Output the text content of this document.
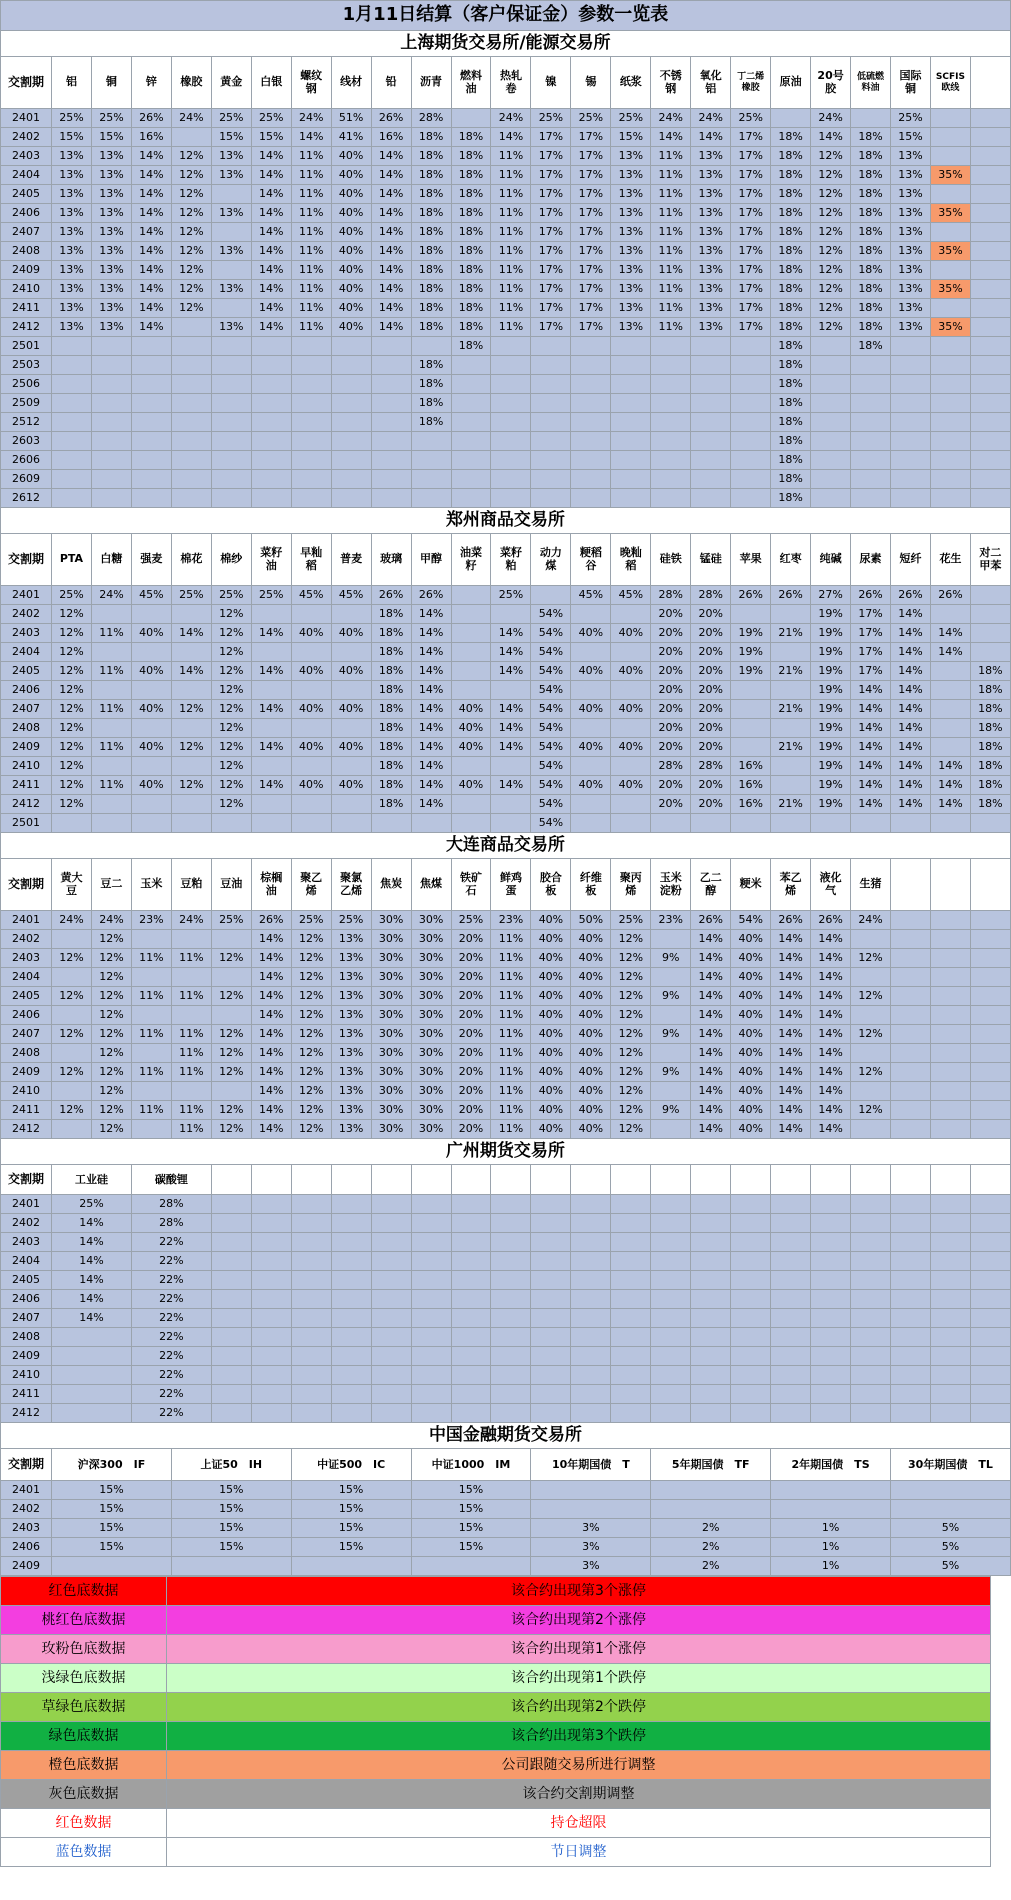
1月11日结算（客户保证金）参数一览表																								
上海期货交易所/能源交易所																								
交割期	铝	铜	锌	橡胶	黄金	白银	螺纹钢	线材	铅	沥青	燃料油	热轧卷	镍	锡	纸浆	不锈钢	氧化铝	丁二烯橡胶	原油	20号胶	低硫燃料油	国际铜	SCFIS欧线	
2401	25%	25%	26%	24%	25%	25%	24%	51%	26%	28%		24%	25%	25%	25%	24%	24%	25%		24%		25%		
2402	15%	15%	16%		15%	15%	14%	41%	16%	18%	18%	14%	17%	17%	15%	14%	14%	17%	18%	14%	18%	15%		
2403	13%	13%	14%	12%	13%	14%	11%	40%	14%	18%	18%	11%	17%	17%	13%	11%	13%	17%	18%	12%	18%	13%		
2404	13%	13%	14%	12%	13%	14%	11%	40%	14%	18%	18%	11%	17%	17%	13%	11%	13%	17%	18%	12%	18%	13%	35%	
2405	13%	13%	14%	12%		14%	11%	40%	14%	18%	18%	11%	17%	17%	13%	11%	13%	17%	18%	12%	18%	13%		
2406	13%	13%	14%	12%	13%	14%	11%	40%	14%	18%	18%	11%	17%	17%	13%	11%	13%	17%	18%	12%	18%	13%	35%	
2407	13%	13%	14%	12%		14%	11%	40%	14%	18%	18%	11%	17%	17%	13%	11%	13%	17%	18%	12%	18%	13%		
2408	13%	13%	14%	12%	13%	14%	11%	40%	14%	18%	18%	11%	17%	17%	13%	11%	13%	17%	18%	12%	18%	13%	35%	
2409	13%	13%	14%	12%		14%	11%	40%	14%	18%	18%	11%	17%	17%	13%	11%	13%	17%	18%	12%	18%	13%		
2410	13%	13%	14%	12%	13%	14%	11%	40%	14%	18%	18%	11%	17%	17%	13%	11%	13%	17%	18%	12%	18%	13%	35%	
2411	13%	13%	14%	12%		14%	11%	40%	14%	18%	18%	11%	17%	17%	13%	11%	13%	17%	18%	12%	18%	13%		
2412	13%	13%	14%		13%	14%	11%	40%	14%	18%	18%	11%	17%	17%	13%	11%	13%	17%	18%	12%	18%	13%	35%	
2501											18%								18%		18%			
2503										18%									18%					
2506										18%									18%					
2509										18%									18%					
2512										18%									18%					
2603																			18%					
2606																			18%					
2609																			18%					
2612																			18%					
郑州商品交易所																								
交割期	PTA	白糖	强麦	棉花	棉纱	菜籽油	早籼稻	普麦	玻璃	甲醇	油菜籽	菜籽粕	动力煤	粳稻谷	晚籼稻	硅铁	锰硅	苹果	红枣	纯碱	尿素	短纤	花生	对二甲苯
2401	25%	24%	45%	25%	25%	25%	45%	45%	26%	26%		25%		45%	45%	28%	28%	26%	26%	27%	26%	26%	26%	
2402	12%				12%				18%	14%			54%			20%	20%			19%	17%	14%		
2403	12%	11%	40%	14%	12%	14%	40%	40%	18%	14%		14%	54%	40%	40%	20%	20%	19%	21%	19%	17%	14%	14%	
2404	12%				12%				18%	14%		14%	54%			20%	20%	19%		19%	17%	14%	14%	
2405	12%	11%	40%	14%	12%	14%	40%	40%	18%	14%		14%	54%	40%	40%	20%	20%	19%	21%	19%	17%	14%		18%
2406	12%				12%				18%	14%			54%			20%	20%			19%	14%	14%		18%
2407	12%	11%	40%	12%	12%	14%	40%	40%	18%	14%	40%	14%	54%	40%	40%	20%	20%		21%	19%	14%	14%		18%
2408	12%				12%				18%	14%	40%	14%	54%			20%	20%			19%	14%	14%		18%
2409	12%	11%	40%	12%	12%	14%	40%	40%	18%	14%	40%	14%	54%	40%	40%	20%	20%		21%	19%	14%	14%		18%
2410	12%				12%				18%	14%			54%			28%	28%	16%		19%	14%	14%	14%	18%
2411	12%	11%	40%	12%	12%	14%	40%	40%	18%	14%	40%	14%	54%	40%	40%	20%	20%	16%		19%	14%	14%	14%	18%
2412	12%				12%				18%	14%			54%			20%	20%	16%	21%	19%	14%	14%	14%	18%
2501													54%											
大连商品交易所																								
交割期	黄大豆	豆二	玉米	豆粕	豆油	棕榈油	聚乙烯	聚氯乙烯	焦炭	焦煤	铁矿石	鲜鸡蛋	胶合板	纤维板	聚丙烯	玉米淀粉	乙二醇	粳米	苯乙烯	液化气	生猪			
2401	24%	24%	23%	24%	25%	26%	25%	25%	30%	30%	25%	23%	40%	50%	25%	23%	26%	54%	26%	26%	24%			
2402		12%				14%	12%	13%	30%	30%	20%	11%	40%	40%	12%		14%	40%	14%	14%				
2403	12%	12%	11%	11%	12%	14%	12%	13%	30%	30%	20%	11%	40%	40%	12%	9%	14%	40%	14%	14%	12%			
2404		12%				14%	12%	13%	30%	30%	20%	11%	40%	40%	12%		14%	40%	14%	14%				
2405	12%	12%	11%	11%	12%	14%	12%	13%	30%	30%	20%	11%	40%	40%	12%	9%	14%	40%	14%	14%	12%			
2406		12%				14%	12%	13%	30%	30%	20%	11%	40%	40%	12%		14%	40%	14%	14%				
2407	12%	12%	11%	11%	12%	14%	12%	13%	30%	30%	20%	11%	40%	40%	12%	9%	14%	40%	14%	14%	12%			
2408		12%		11%	12%	14%	12%	13%	30%	30%	20%	11%	40%	40%	12%		14%	40%	14%	14%				
2409	12%	12%	11%	11%	12%	14%	12%	13%	30%	30%	20%	11%	40%	40%	12%	9%	14%	40%	14%	14%	12%			
2410		12%				14%	12%	13%	30%	30%	20%	11%	40%	40%	12%		14%	40%	14%	14%				
2411	12%	12%	11%	11%	12%	14%	12%	13%	30%	30%	20%	11%	40%	40%	12%	9%	14%	40%	14%	14%	12%			
2412		12%		11%	12%	14%	12%	13%	30%	30%	20%	11%	40%	40%	12%		14%	40%	14%	14%				
广州期货交易所																								
交割期	工业硅		碳酸锂																					
2401	25%		28%																					
2402	14%		28%																					
2403	14%		22%																					
2404	14%		22%																					
2405	14%		22%																					
2406	14%		22%																					
2407	14%		22%																					
2408			22%																					
2409			22%																					
2410			22%																					
2411			22%																					
2412			22%																					
中国金融期货交易所																								
交割期	沪深300　IF			上证50　IH			中证500　IC			中证1000　IM			10年期国债　T			5年期国债　TF			2年期国债　TS			30年期国债　TL		
2401	15%			15%			15%			15%														
2402	15%			15%			15%			15%														
2403	15%			15%			15%			15%			3%			2%			1%			5%		
2406	15%			15%			15%			15%			3%			2%			1%			5%		
2409													3%			2%			1%			5%		
红色底数据	该合约出现第3个涨停
桃红色底数据	该合约出现第2个涨停
玫粉色底数据	该合约出现第1个涨停
浅绿色底数据	该合约出现第1个跌停
草绿色底数据	该合约出现第2个跌停
绿色底数据	该合约出现第3个跌停
橙色底数据	公司跟随交易所进行调整
灰色底数据	该合约交割期调整
红色数据	持仓超限
蓝色数据	节日调整
